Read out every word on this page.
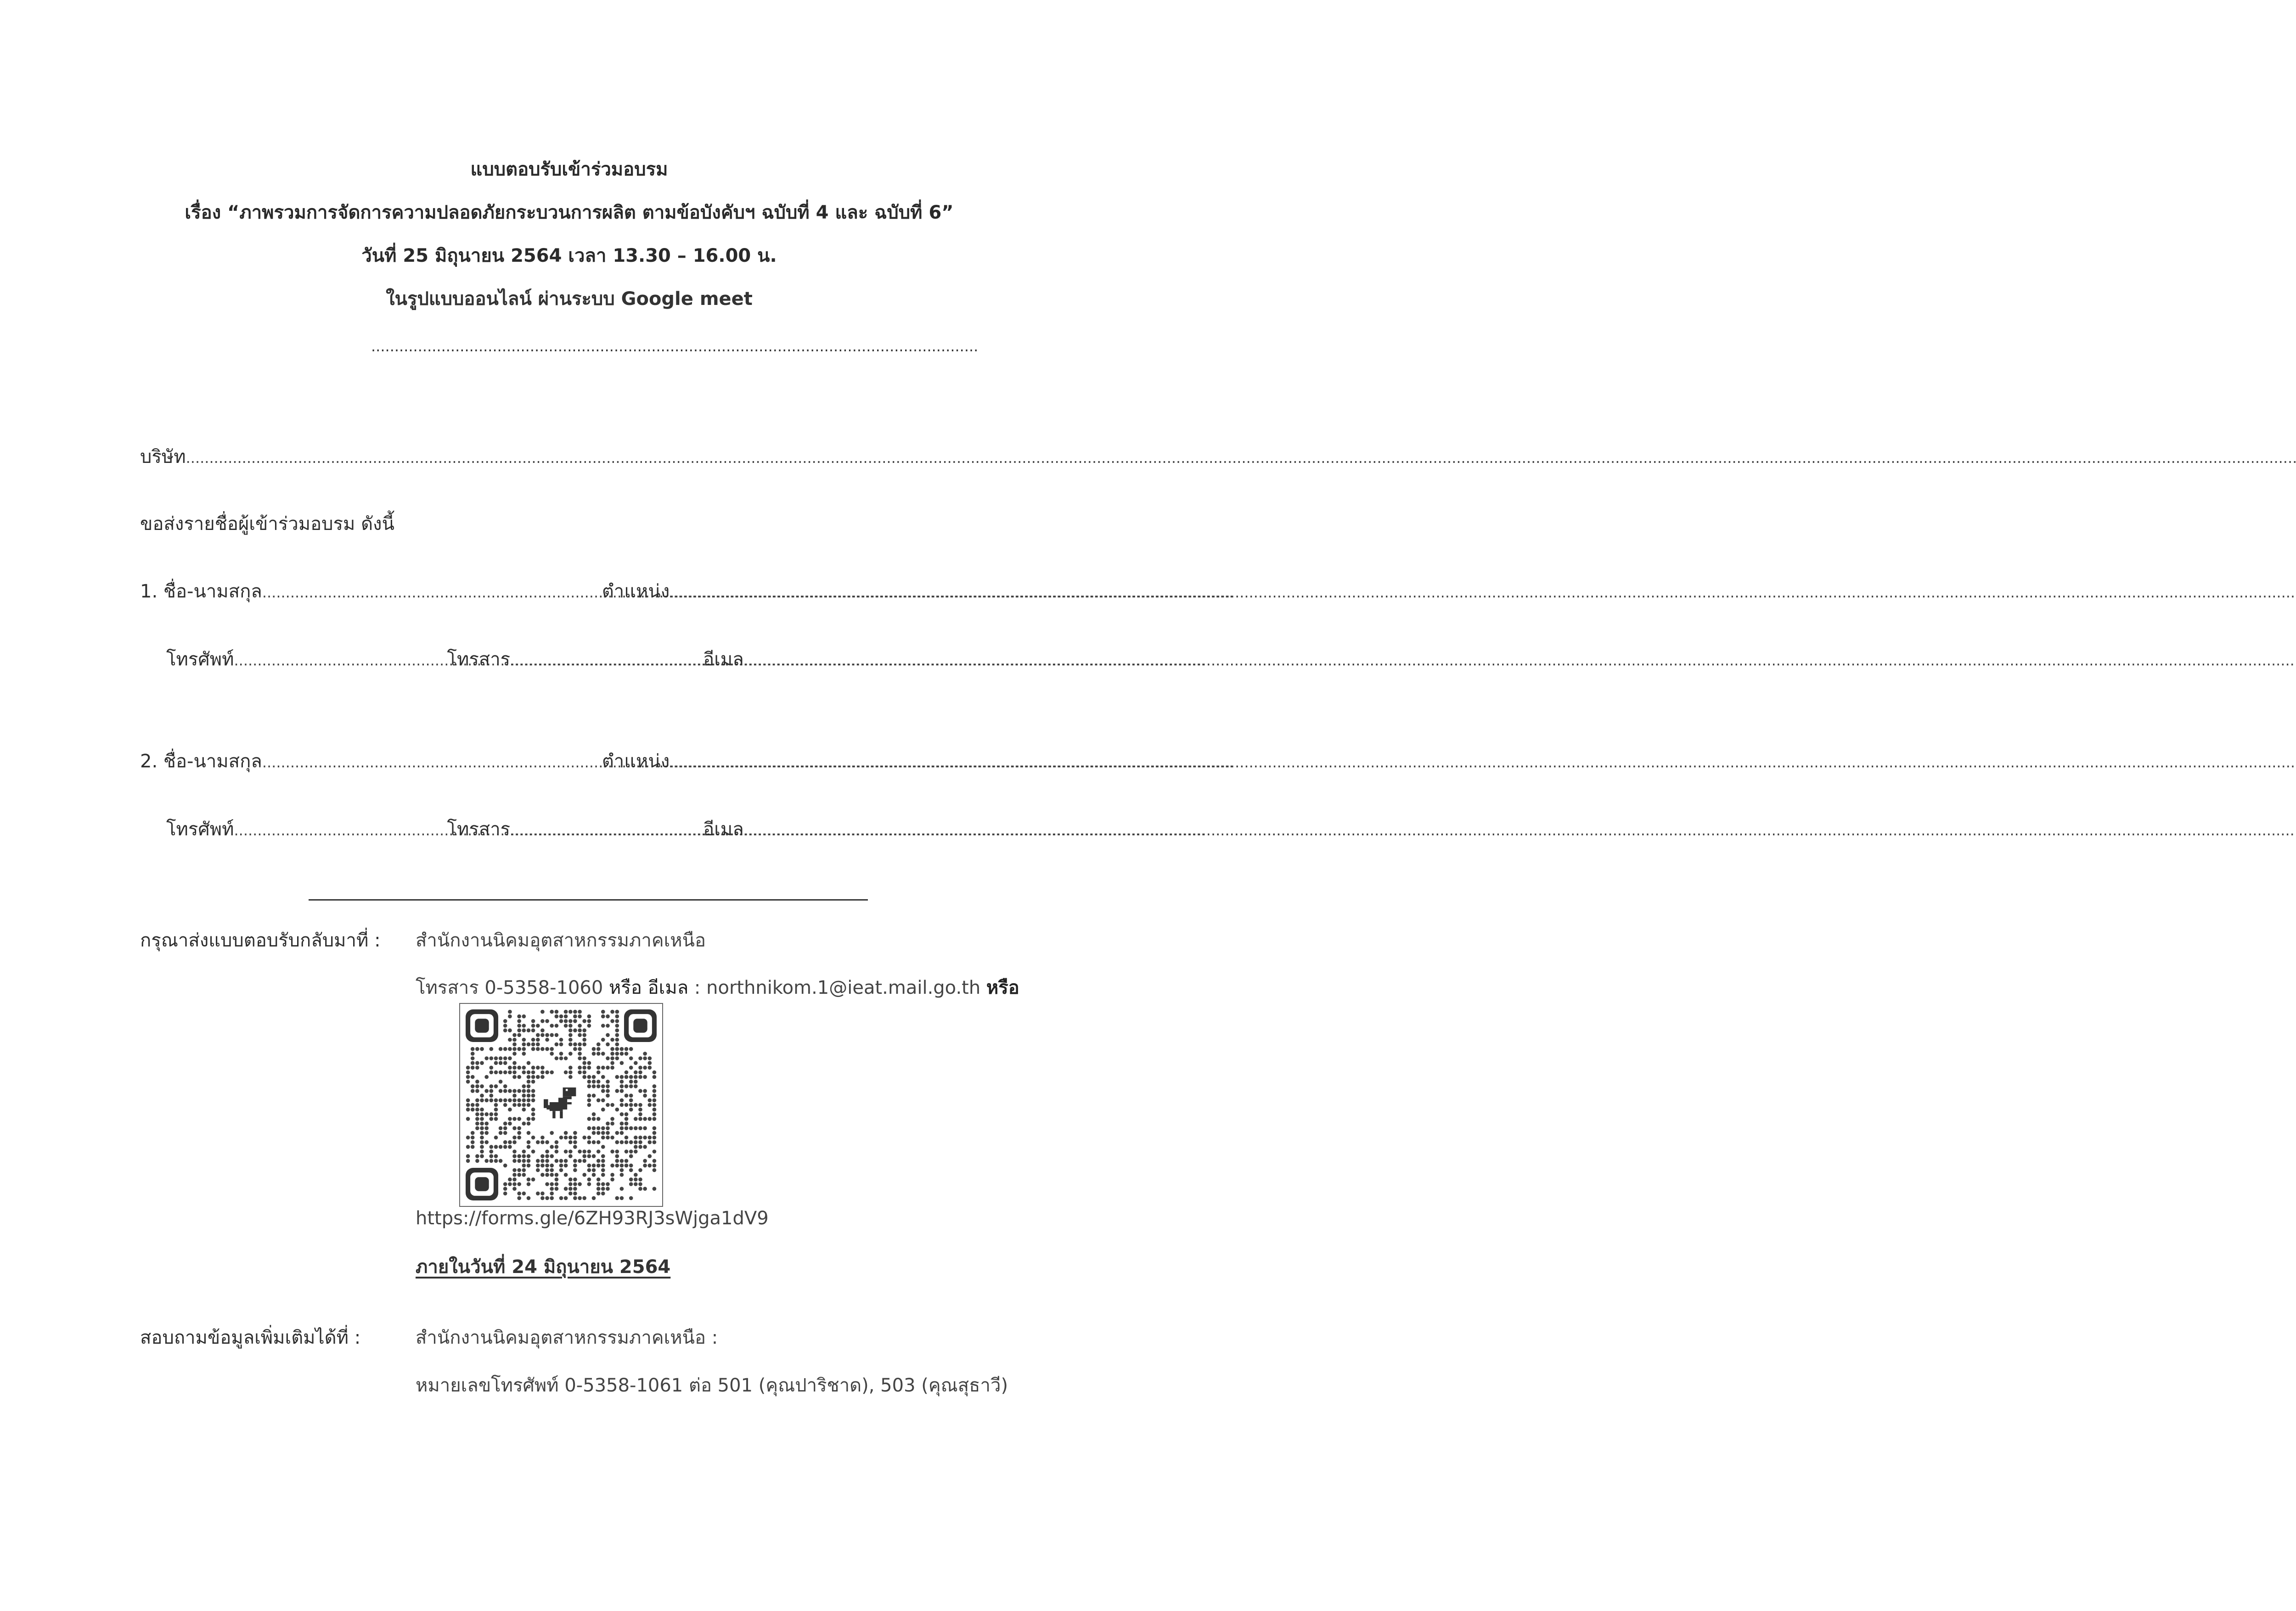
แบบตอบรับเข้าร่วมอบรม
เรื่อง “ภาพรวมการจัดการความปลอดภัยกระบวนการผลิต ตามข้อบังคับฯ ฉบับที่ 4 และ ฉบับที่ 6”
วันที่ 25 มิถุนายน 2564 เวลา 13.30 – 16.00 น.
ในรูปแบบออนไลน์ ผ่านระบบ Google meet
..................................................................................................................................
บริษัท
.....
ขอส่งรายชื่อผู้เข้าร่วมอบรม ดังนี้
1. ชื่อ-นามสกุล .....	ตำแหน่ง
.....
โทรศัพท์ .....	โทรสาร .....	อีเมล
.....
2. ชื่อ-นามสกุล .....	ตำแหน่ง
.....
โทรศัพท์ .....	โทรสาร .....	อีเมล
.....
กรุณาส่งแบบตอบรับกลับมาที่ : สำนักงานนิคมอุตสาหกรรมภาคเหนือ
โทรสาร 0-5358-1060 หรือ อีเมล : northnikom.1@ieat.mail.go.th หรือ
https://forms.gle/6ZH93RJ3sWjga1dV9
ภายในวันที่ 24 มิถุนายน 2564
สอบถามข้อมูลเพิ่มเติมได้ที่ :	สำนักงานนิคมอุตสาหกรรมภาคเหนือ :
หมายเลขโทรศัพท์ 0-5358-1061 ต่อ 501 (คุณปาริชาด), 503 (คุณสุธาวี)
